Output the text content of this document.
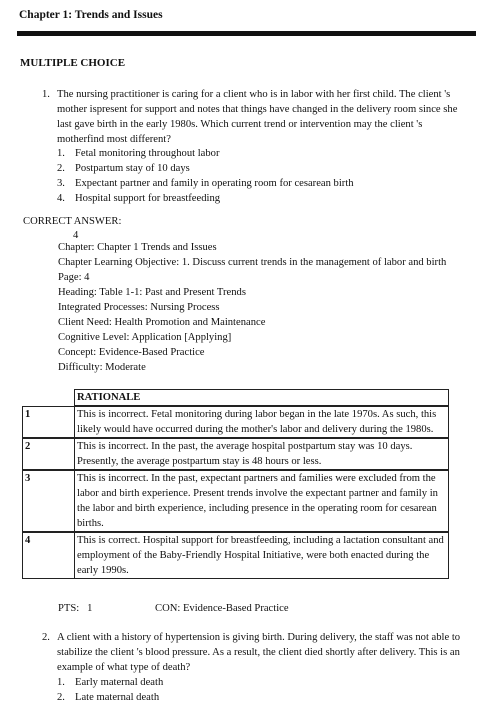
Chapter 1: Trends and Issues
MULTIPLE CHOICE
1. The nursing practitioner is caring for a client who is in labor with her first child. The client 's mother ispresent for support and notes that things have changed in the delivery room since she last gave birth in the early 1980s. Which current trend or intervention may the client 's motherfind most different?
1. Fetal monitoring throughout labor
2. Postpartum stay of 10 days
3. Expectant partner and family in operating room for cesarean birth
4. Hospital support for breastfeeding
CORRECT ANSWER:
4
Chapter: Chapter 1 Trends and Issues
Chapter Learning Objective: 1. Discuss current trends in the management of labor and birth
Page: 4
Heading: Table 1-1: Past and Present Trends
Integrated Processes: Nursing Process
Client Need: Health Promotion and Maintenance
Cognitive Level: Application [Applying]
Concept: Evidence-Based Practice
Difficulty: Moderate
	RATIONALE
1	This is incorrect. Fetal monitoring during labor began in the late 1970s. As such, this likely would have occurred during the mother's labor and delivery during the 1980s.
2	This is incorrect. In the past, the average hospital postpartum stay was 10 days. Presently, the average postpartum stay is 48 hours or less.
3	This is incorrect. In the past, expectant partners and families were excluded from the labor and birth experience. Present trends involve the expectant partner and family in the labor and birth experience, including presence in the operating room for cesarean births.
4	This is correct. Hospital support for breastfeeding, including a lactation consultant and employment of the Baby-Friendly Hospital Initiative, were both enacted during the early 1990s.
PTS:   1	CON: Evidence-Based Practice
2. A client with a history of hypertension is giving birth. During delivery, the staff was not able to stabilize the client 's blood pressure. As a result, the client died shortly after delivery. This is an example of what type of death?
1. Early maternal death
2. Late maternal death
